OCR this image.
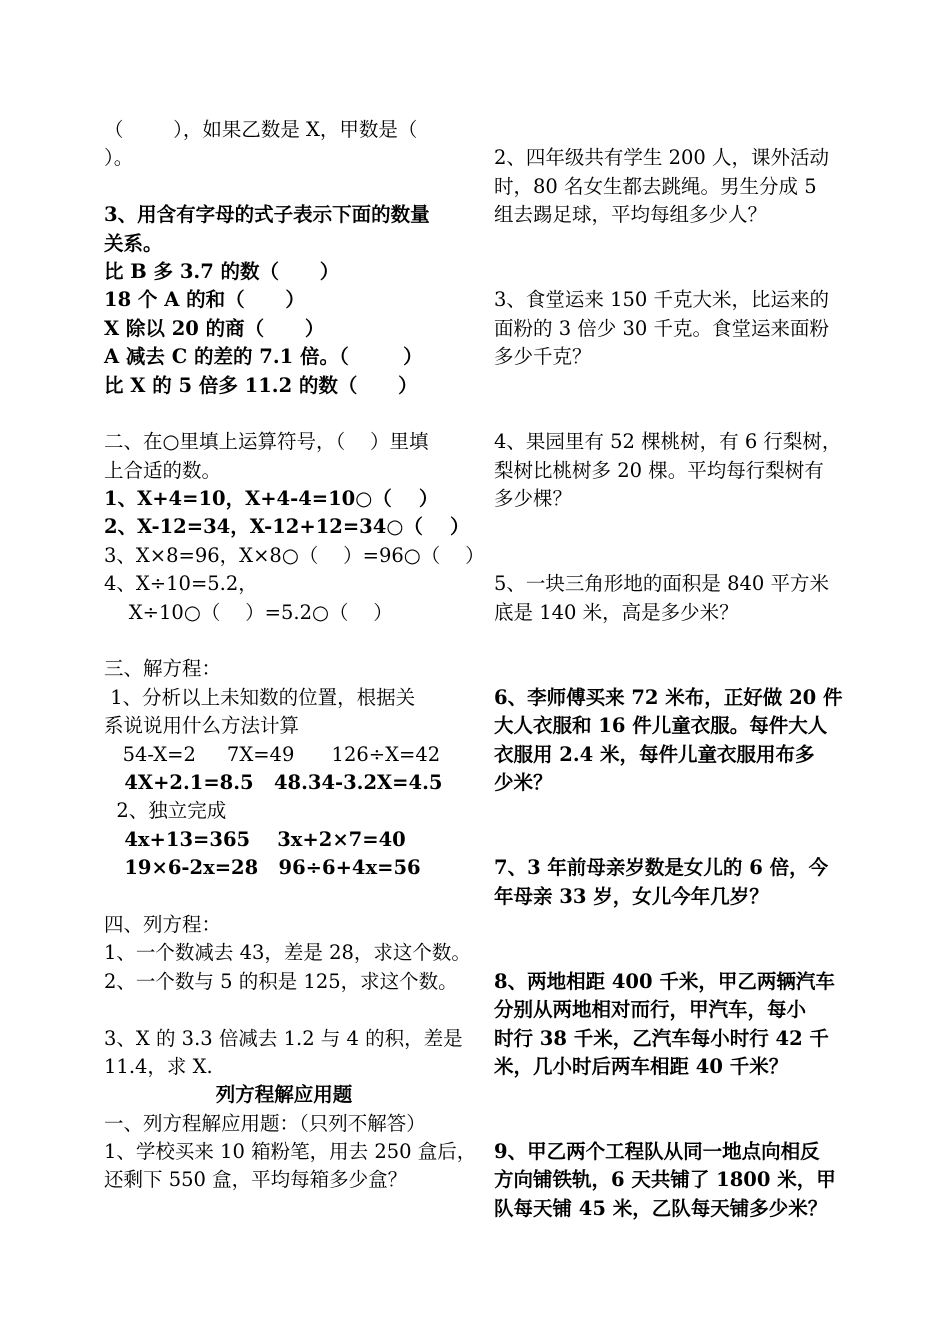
（        ），如果乙数是 X，甲数是（
）。
3、用含有字母的式子表示下面的数量
关系。
比 B 多 3.7 的数（      ）
18 个 A 的和（      ）
X 除以 20 的商（      ）
A 减去 C 的差的 7.1 倍。（        ）
比 X 的 5 倍多 11.2 的数（      ）
二、在○里填上运算符号，（    ）里填
上合适的数。
1、X+4=10，X+4-4=10○（    ）
2、X-12=34，X-12+12=34○（    ）
3、X×8=96，X×8○（    ）=96○（    ）
4、X÷10=5.2，
X÷10○（    ）=5.2○（    ）
三、解方程：
1、分析以上未知数的位置，根据关
系说说用什么方法计算
54-X=2     7X=49      126÷X=42
4X+2.1=8.5   48.34-3.2X=4.5
2、独立完成
4x+13=365    3x+2×7=40
19×6-2x=28   96÷6+4x=56
四、列方程：
1、一个数减去 43，差是 28，求这个数。
2、一个数与 5 的积是 125，求这个数。
3、X 的 3.3 倍减去 1.2 与 4 的积，差是
11.4，求 X.
列方程解应用题
一、列方程解应用题：（只列不解答）
1、学校买来 10 箱粉笔，用去 250 盒后，
还剩下 550 盒，平均每箱多少盒？
2、四年级共有学生 200 人，课外活动
时，80 名女生都去跳绳。男生分成 5
组去踢足球，平均每组多少人？
3、食堂运来 150 千克大米，比运来的
面粉的 3 倍少 30 千克。食堂运来面粉
多少千克？
4、果园里有 52 棵桃树，有 6 行梨树，
梨树比桃树多 20 棵。平均每行梨树有
多少棵？
5、一块三角形地的面积是 840 平方米
底是 140 米，高是多少米？
6、李师傅买来 72 米布，正好做 20 件
大人衣服和 16 件儿童衣服。每件大人
衣服用 2.4 米，每件儿童衣服用布多
少米？
7、3 年前母亲岁数是女儿的 6 倍，今
年母亲 33 岁，女儿今年几岁？
8、两地相距 400 千米，甲乙两辆汽车
分别从两地相对而行，甲汽车，每小
时行 38 千米，乙汽车每小时行 42 千
米，几小时后两车相距 40 千米？
9、甲乙两个工程队从同一地点向相反
方向铺铁轨，6 天共铺了 1800 米，甲
队每天铺 45 米，乙队每天铺多少米？
